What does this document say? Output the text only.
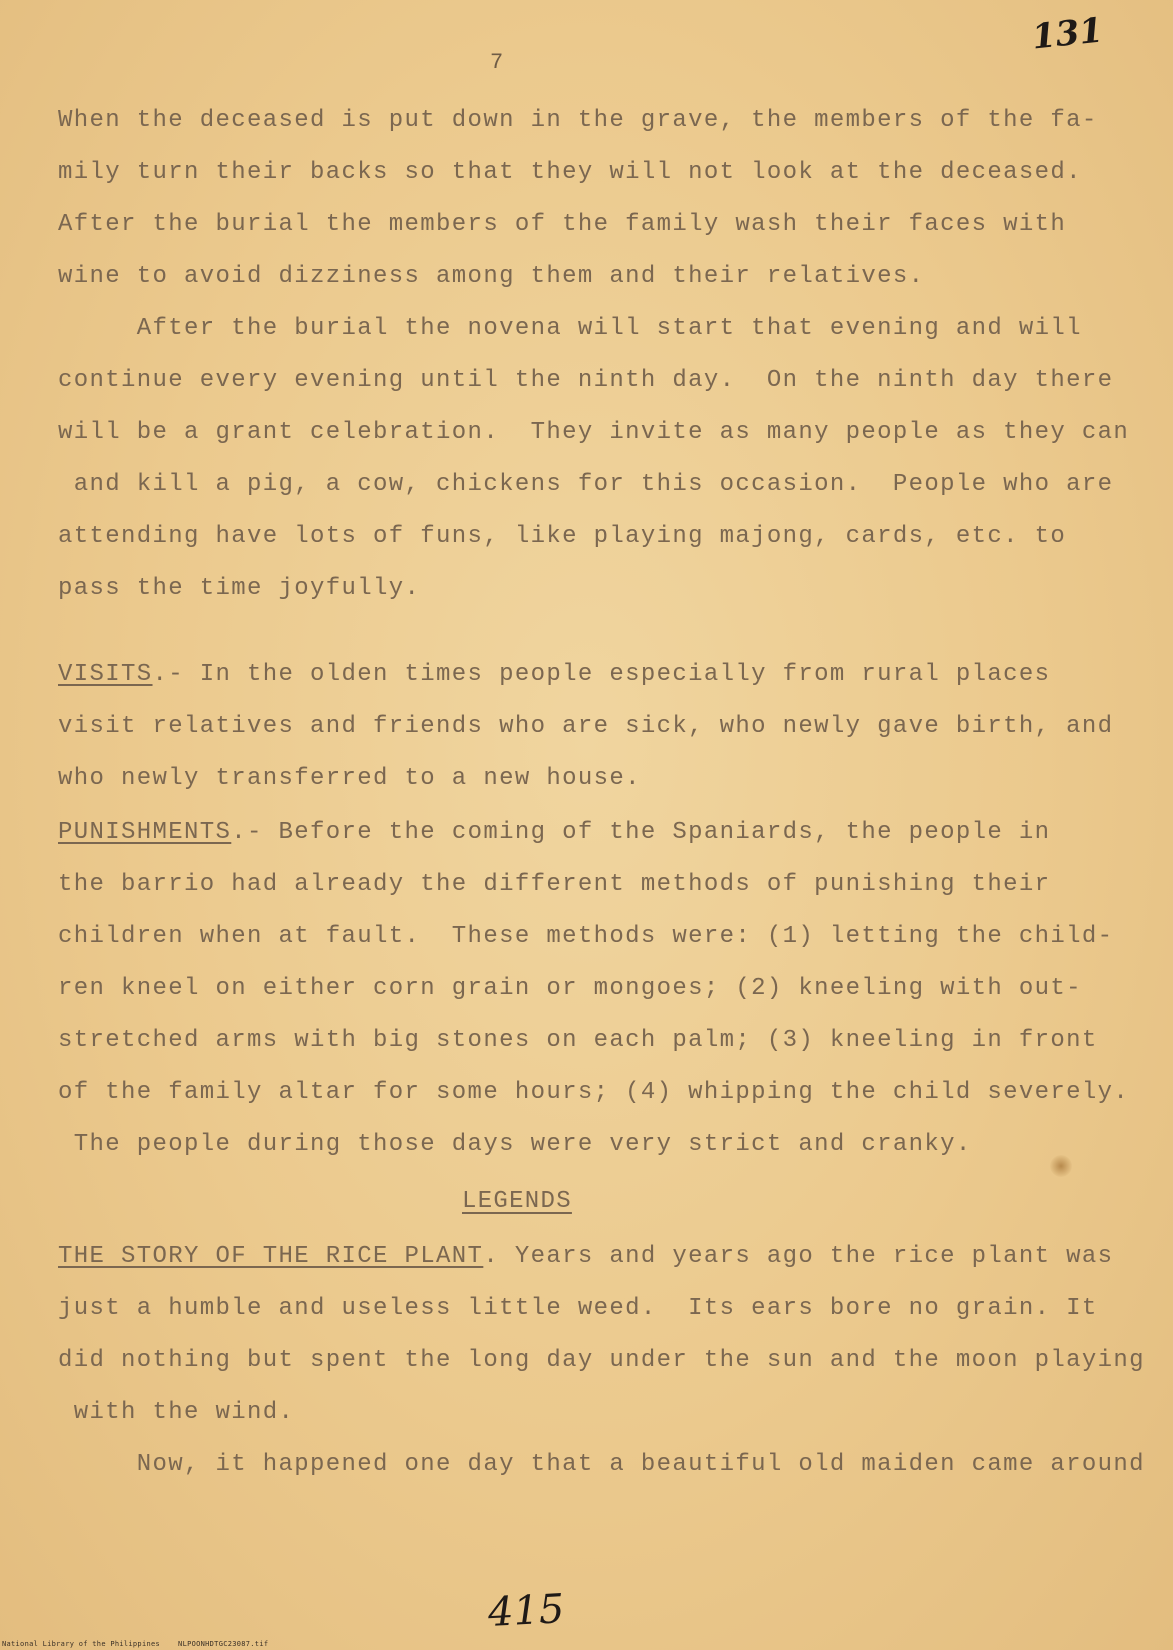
131
7
When the deceased is put down in the grave, the members of the fa-
mily turn their backs so that they will not look at the deceased.
After the burial the members of the family wash their faces with
wine to avoid dizziness among them and their relatives.
After the burial the novena will start that evening and will
continue every evening until the ninth day.  On the ninth day there
will be a grant celebration.  They invite as many people as they can
and kill a pig, a cow, chickens for this occasion.  People who are
attending have lots of funs, like playing majong, cards, etc. to
pass the time joyfully.
VISITS.- In the olden times people especially from rural places
visit relatives and friends who are sick, who newly gave birth, and
who newly transferred to a new house.
PUNISHMENTS.- Before the coming of the Spaniards, the people in
the barrio had already the different methods of punishing their
children when at fault.  These methods were: (1) letting the child-
ren kneel on either corn grain or mongoes; (2) kneeling with out-
stretched arms with big stones on each palm; (3) kneeling in front
of the family altar for some hours; (4) whipping the child severely.
The people during those days were very strict and cranky.
LEGENDS
THE STORY OF THE RICE PLANT. Years and years ago the rice plant was
just a humble and useless little weed.  Its ears bore no grain. It
did nothing but spent the long day under the sun and the moon playing
with the wind.
Now, it happened one day that a beautiful old maiden came around
415
National Library of the Philippines    NLPOONHDTGC23087.tif
